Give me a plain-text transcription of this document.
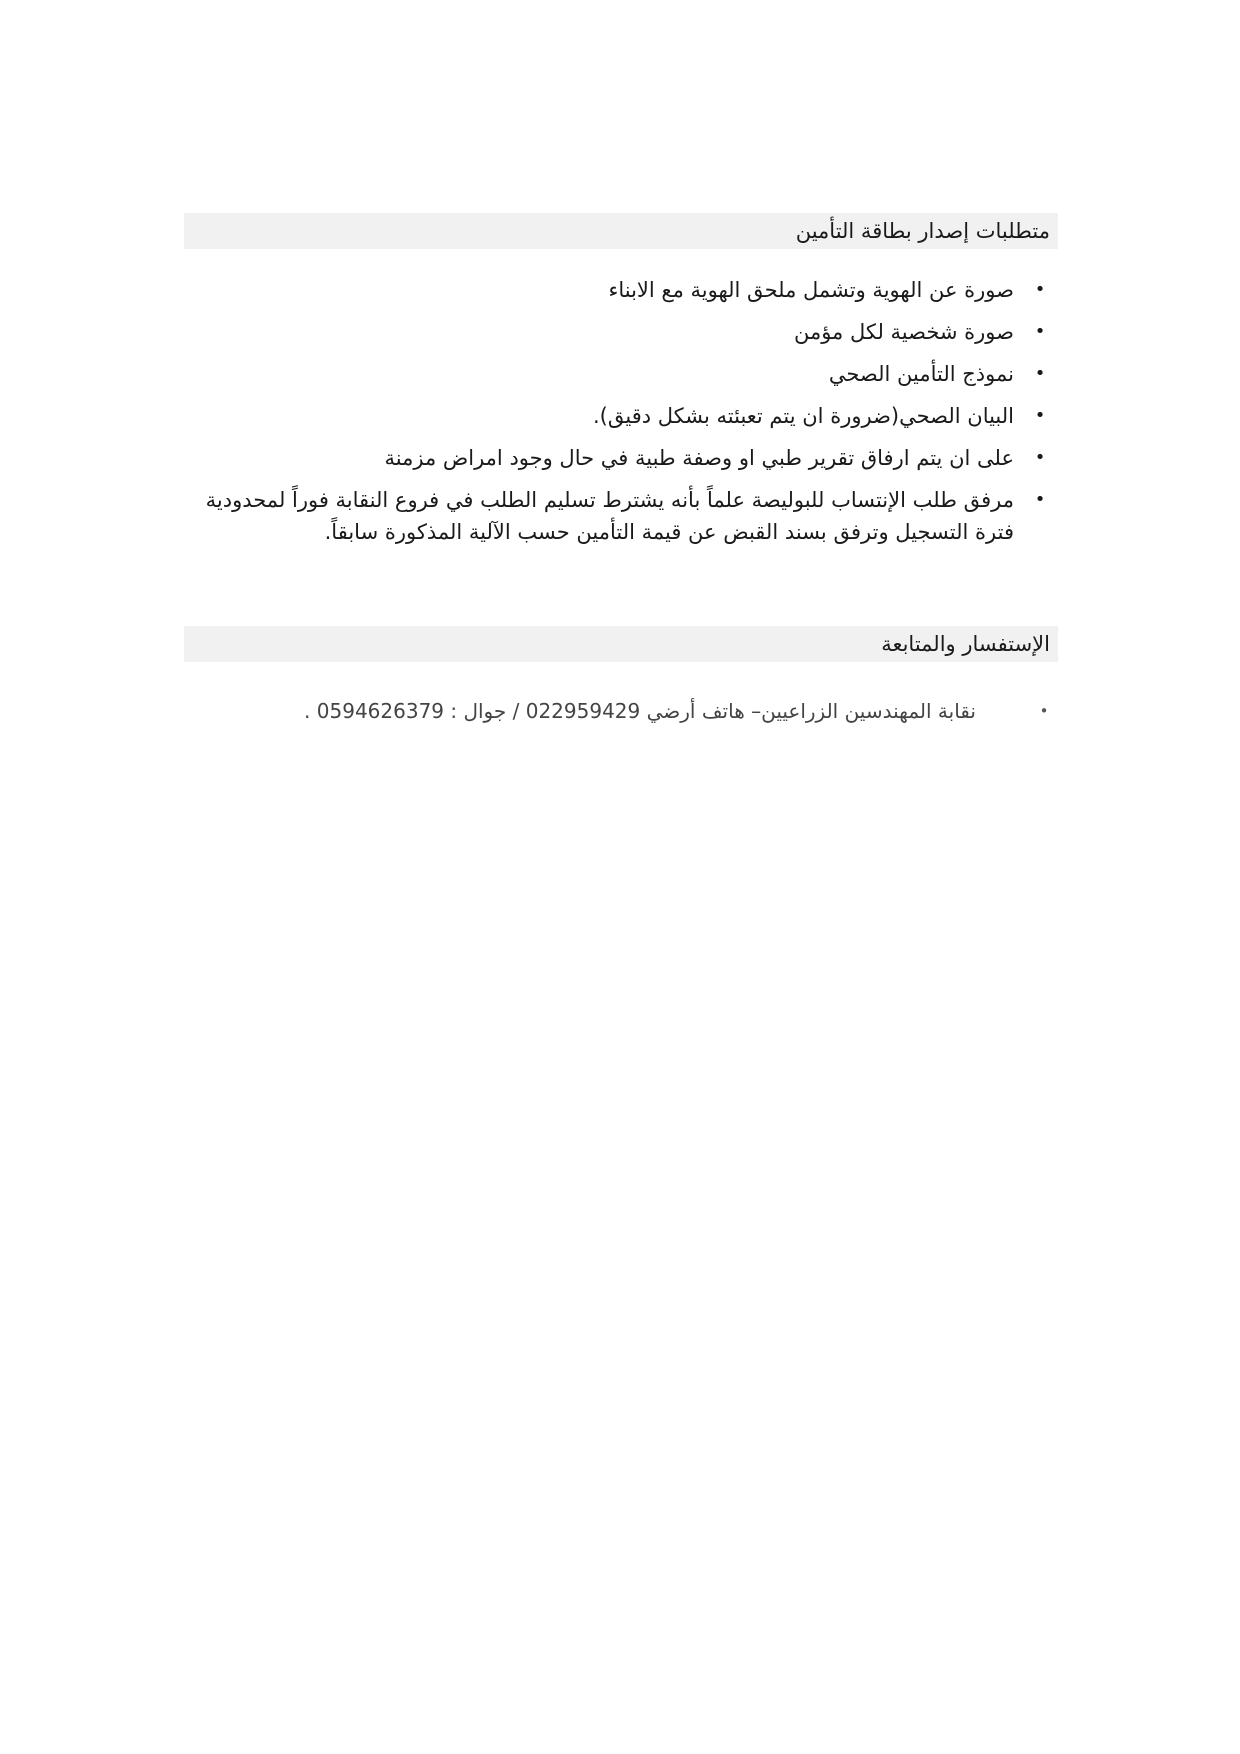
متطلبات إصدار بطاقة التأمين
•
صورة عن الهوية وتشمل ملحق الهوية مع الابناء
•
صورة شخصية لكل مؤمن
•
نموذج التأمين الصحي
•
البيان الصحي(ضرورة ان يتم تعبئته بشكل دقيق).
•
على ان يتم ارفاق تقرير طبي او وصفة طبية في حال وجود امراض مزمنة
•
مرفق طلب الإنتساب للبوليصة علماً بأنه يشترط تسليم الطلب في فروع النقابة فوراً لمحدودية فترة التسجيل وترفق بسند القبض عن قيمة التأمين حسب الآلية المذكورة سابقاً.
الإستفسار والمتابعة
•
نقابة المهندسين الزراعيين– هاتف أرضي 022959429 / جوال : 0594626379 .
